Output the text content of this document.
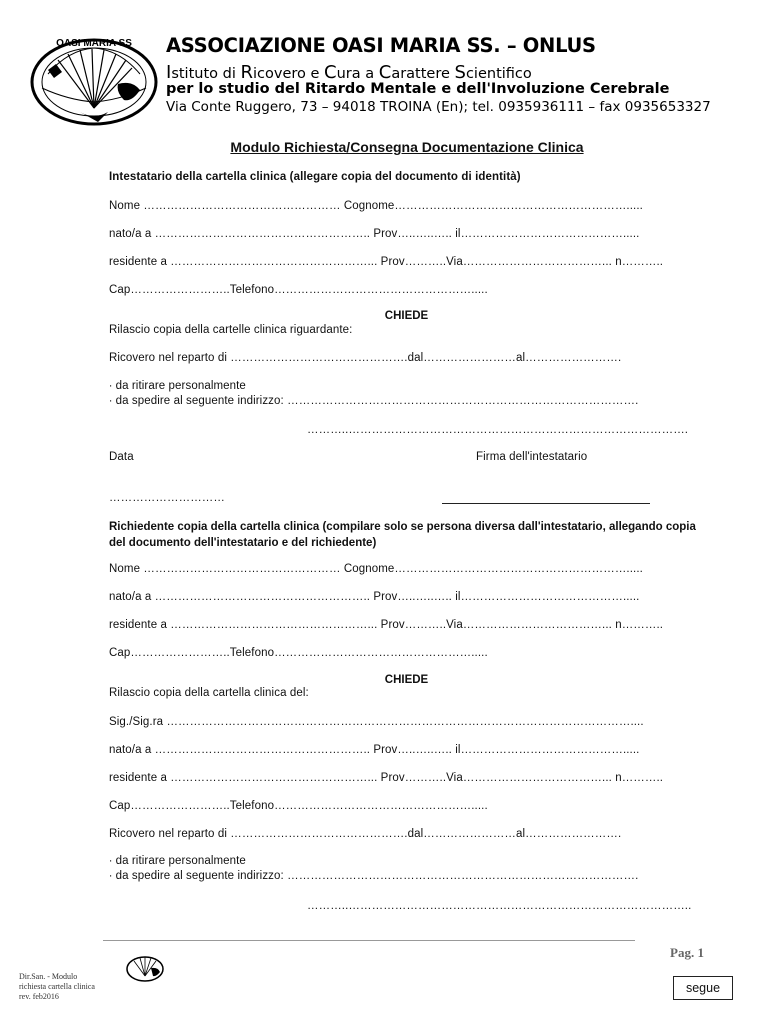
OASI MARIA SS ASSOCIAZIONE OASI MARIA SS. – ONLUS
Istituto di Ricovero e Cura a Carattere Scientifico
per lo studio del Ritardo Mentale e dell'Involuzione Cerebrale
Via Conte Ruggero, 73 – 94018 TROINA (En); tel. 0935936111 – fax 0935653327
Modulo Richiesta/Consegna Documentazione Clinica
Intestatario della cartella clinica (allegare copia del documento di identità)
Nome …………………………………………… Cognome…………………………………………………….....
nato/a a ……………………………………………….. Prov…..…..….. il…………………………………….....
residente a ……………………………………………... Prov………..Via………………………………... n………..
Cap……………………..Telefono…………………………………………….....
CHIEDE
Rilascio copia della cartelle clinica riguardante:
Ricovero nel reparto di ……………………………………….dal……………………al…………………….
∙ da ritirare personalmente
∙ da spedire al seguente indirizzo: ……………………………………………………………………………….
………..…………………………………………………………………………….
Data	Firma dell'intestatario
…………………………
Richiedente copia della cartella clinica (compilare solo se persona diversa dall'intestatario, allegando copia del documento dell'intestatario e del richiedente)
Nome …………………………………………… Cognome…………………………………………………….....
nato/a a ……………………………………………….. Prov…..…..….. il…………………………………….....
residente a ……………………………………………... Prov………..Via………………………………... n………..
Cap……………………..Telefono…………………………………………….....
CHIEDE
Rilascio copia della cartella clinica del:
Sig./Sig.ra …………………………………………………………………………………………………………....
nato/a a ……………………………………………….. Prov…..…..….. il…………………………………….....
residente a ……………………………………………... Prov………..Via………………………………... n………..
Cap……………………..Telefono…………………………………………….....
Ricovero nel reparto di ……………………………………….dal……………………al…………………….
∙ da ritirare personalmente
∙ da spedire al seguente indirizzo: ……………………………………………………………………………….
………..……………………………………………………………………………..
Dir.San. - Modulo
richiesta cartella clinica
rev. feb2016
Pag. 1
segue
